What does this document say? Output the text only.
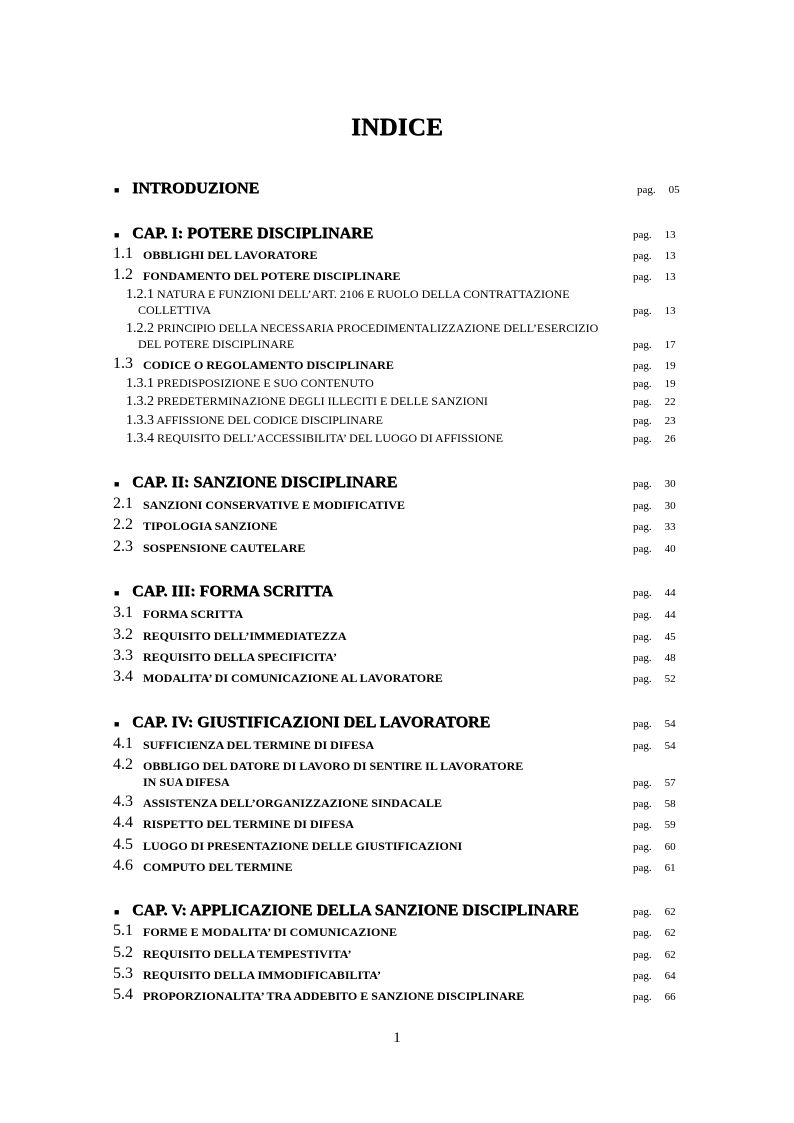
INDICE
■ INTRODUZIONE	pag. 05
■ CAP. I: POTERE DISCIPLINARE	pag. 13
1.1 OBBLIGHI DEL LAVORATORE	pag. 13
1.2 FONDAMENTO DEL POTERE DISCIPLINARE	pag. 13
1.2.1 NATURA E FUNZIONI DELL’ART. 2106 E RUOLO DELLA CONTRATTAZIONE
COLLETTIVA	pag. 13
1.2.2 PRINCIPIO DELLA NECESSARIA PROCEDIMENTALIZZAZIONE DELL’ESERCIZIO
DEL POTERE DISCIPLINARE	pag. 17
1.3 CODICE O REGOLAMENTO DISCIPLINARE	pag. 19
1.3.1 PREDISPOSIZIONE E SUO CONTENUTO	pag. 19
1.3.2 PREDETERMINAZIONE DEGLI ILLECITI E DELLE SANZIONI	pag. 22
1.3.3 AFFISSIONE DEL CODICE DISCIPLINARE	pag. 23
1.3.4 REQUISITO DELL’ACCESSIBILITA’ DEL LUOGO DI AFFISSIONE	pag. 26
■ CAP. II: SANZIONE DISCIPLINARE	pag. 30
2.1 SANZIONI CONSERVATIVE E MODIFICATIVE	pag. 30
2.2 TIPOLOGIA SANZIONE	pag. 33
2.3 SOSPENSIONE CAUTELARE	pag. 40
■ CAP. III: FORMA SCRITTA	pag. 44
3.1 FORMA SCRITTA	pag. 44
3.2 REQUISITO DELL’IMMEDIATEZZA	pag. 45
3.3 REQUISITO DELLA SPECIFICITA’	pag. 48
3.4 MODALITA’ DI COMUNICAZIONE AL LAVORATORE	pag. 52
■ CAP. IV: GIUSTIFICAZIONI DEL LAVORATORE	pag. 54
4.1 SUFFICIENZA DEL TERMINE DI DIFESA	pag. 54
4.2 OBBLIGO DEL DATORE DI LAVORO DI SENTIRE IL LAVORATORE
IN SUA DIFESA	pag. 57
4.3 ASSISTENZA DELL’ORGANIZZAZIONE SINDACALE	pag. 58
4.4 RISPETTO DEL TERMINE DI DIFESA	pag. 59
4.5 LUOGO DI PRESENTAZIONE DELLE GIUSTIFICAZIONI	pag. 60
4.6 COMPUTO DEL TERMINE	pag. 61
■ CAP. V: APPLICAZIONE DELLA SANZIONE DISCIPLINARE	pag. 62
5.1 FORME E MODALITA’ DI COMUNICAZIONE	pag. 62
5.2 REQUISITO DELLA TEMPESTIVITA’	pag. 62
5.3 REQUISITO DELLA IMMODIFICABILITA’	pag. 64
5.4 PROPORZIONALITA’ TRA ADDEBITO E SANZIONE DISCIPLINARE	pag. 66
1
